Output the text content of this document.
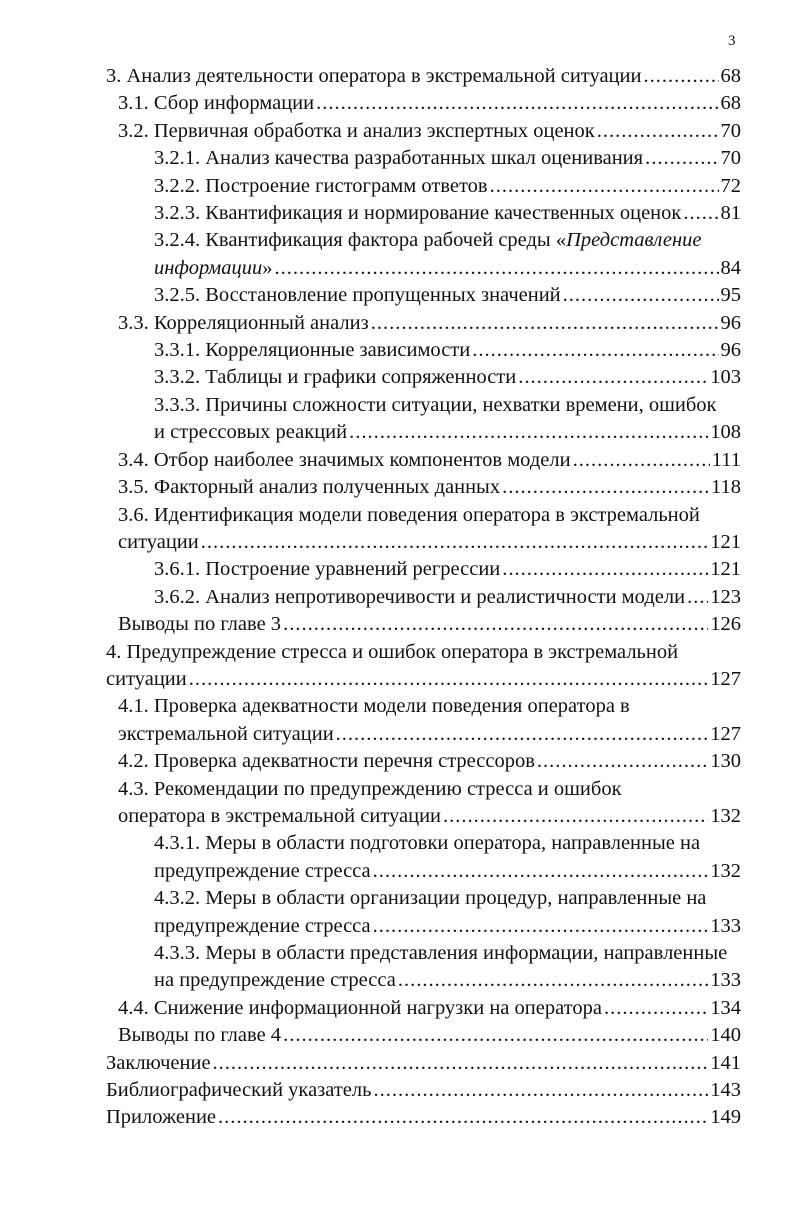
3
3. Анализ деятельности оператора в экстремальной ситуации .....	68
3.1. Сбор информации .....	68
3.2. Первичная обработка и анализ экспертных оценок .....	70
3.2.1. Анализ качества разработанных шкал оценивания .....	70
3.2.2. Построение гистограмм ответов .....	72
3.2.3. Квантификация и нормирование качественных оценок ..... 81
3.2.4. Квантификация фактора рабочей среды «Представление
информации» .....	84
3.2.5. Восстановление пропущенных значений .....	95
3.3. Корреляционный анализ .....	96
3.3.1. Корреляционные зависимости .....	96
3.3.2. Таблицы и графики сопряженности .....	103
3.3.3. Причины сложности ситуации, нехватки времени, ошибок
и стрессовых реакций .....	108
3.4. Отбор наиболее значимых компонентов модели .....	111
3.5. Факторный анализ полученных данных .....	118
3.6. Идентификация модели поведения оператора в экстремальной
ситуации .....	121
3.6.1. Построение уравнений регрессии .....	121
3.6.2. Анализ непротиворечивости и реалистичности модели ..... 123
Выводы по главе 3 .....	126
4. Предупреждение стресса и ошибок оператора в экстремальной
ситуации .....	127
4.1. Проверка адекватности модели поведения оператора в
экстремальной ситуации .....	127
4.2. Проверка адекватности перечня стрессоров .....	130
4.3. Рекомендации по предупреждению стресса и ошибок
оператора в экстремальной ситуации .....	132
4.3.1. Меры в области подготовки оператора, направленные на
предупреждение стресса .....	132
4.3.2. Меры в области организации процедур, направленные на
предупреждение стресса .....	133
4.3.3. Меры в области представления информации, направленные
на предупреждение стресса .....	133
4.4. Снижение информационной нагрузки на оператора .....	134
Выводы по главе 4 .....	140
Заключение .....	141
Библиографический указатель .....	143
Приложение .....	149
